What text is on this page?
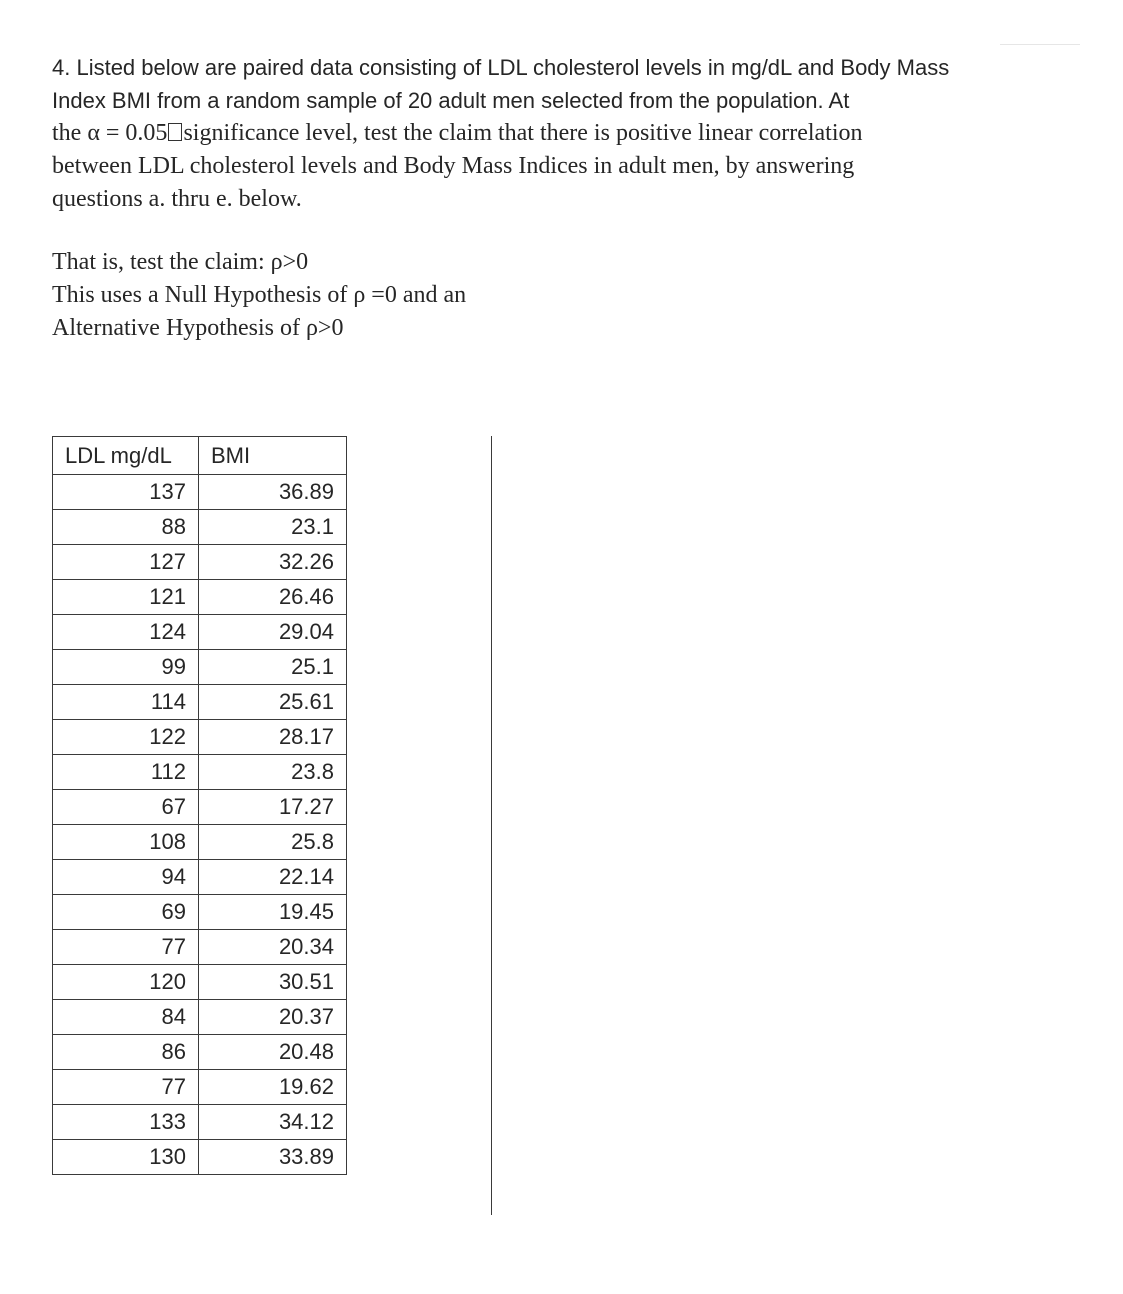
4. Listed below are paired data consisting of LDL cholesterol levels in mg/dL and Body Mass
Index BMI from a random sample of 20 adult men selected from the population. At
the α = 0.05 significance level, test the claim that there is positive linear correlation
between LDL cholesterol levels and Body Mass Indices in adult men, by answering
questions a. thru e. below.
That is, test the claim: ρ>0
This uses a Null Hypothesis of ρ =0 and an
Alternative Hypothesis of ρ>0
LDL mg/dL	BMI
137	36.89
88	23.1
127	32.26
121	26.46
124	29.04
99	25.1
114	25.61
122	28.17
112	23.8
67	17.27
108	25.8
94	22.14
69	19.45
77	20.34
120	30.51
84	20.37
86	20.48
77	19.62
133	34.12
130	33.89
